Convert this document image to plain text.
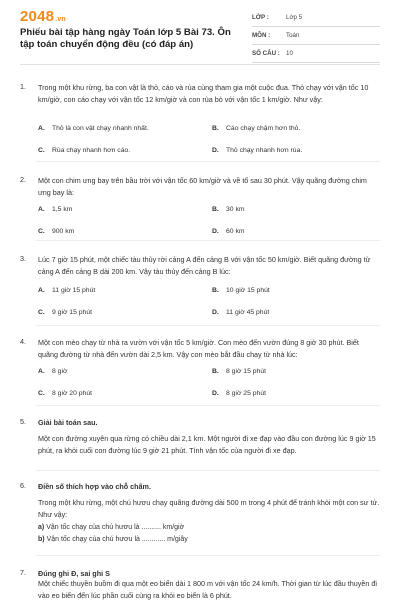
2048.vn
Phiếu bài tập hàng ngày Toán lớp 5 Bài 73. Ôn tập toán chuyển động đều (có đáp án)
LỚP :	Lớp 5
MÔN :	Toán
SỐ CÂU : 10
1. Trong một khu rừng, ba con vật là thỏ, cáo và rùa cùng tham gia một cuộc đua. Thỏ chạy với vận tốc 10 km/giờ, con cáo chạy với vận tốc 12 km/giờ và con rùa bò với vận tốc 1 km/giờ. Như vậy:
A. Thỏ là con vật chạy nhanh nhất.	B. Cáo chạy chậm hơn thỏ.
C. Rùa chạy nhanh hơn cáo.	D. Thỏ chạy nhanh hơn rùa.
2. Một con chim ưng bay trên bầu trời với vận tốc 60 km/giờ và về tổ sau 30 phút. Vậy quãng đường chim ưng bay là:
A. 1,5 km	B. 30 km
C. 900 km	D. 60 km
3. Lúc 7 giờ 15 phút, một chiếc tàu thủy rời cảng A đến cảng B với vận tốc 50 km/giờ. Biết quãng đường từ cảng A đến cảng B dài 200 km. Vậy tàu thủy đến cảng B lúc:
A. 11 giờ 15 phút	B. 10 giờ 15 phút
C. 9 giờ 15 phút	D. 11 giờ 45 phút
4. Một con mèo chạy từ nhà ra vườn với vận tốc 5 km/giờ. Con mèo đến vườn đúng 8 giờ 30 phút. Biết quãng đường từ nhà đến vườn dài 2,5 km. Vậy con mèo bắt đầu chạy từ nhà lúc:
A. 8 giờ	B. 8 giờ 15 phút
C. 8 giờ 20 phút	D. 8 giờ 25 phút
5. Giải bài toán sau.
Một con đường xuyên qua rừng có chiều dài 2,1 km. Một người đi xe đạp vào đầu con đường lúc 9 giờ 15 phút, ra khỏi cuối con đường lúc 9 giờ 21 phút. Tính vận tốc của người đi xe đạp.
6. Điền số thích hợp vào chỗ chấm.
Trong một khu rừng, một chú hươu chạy quãng đường dài 500 m trong 4 phút để tránh khỏi một con sư tử. Như vậy:
a) Vận tốc chạy của chú hươu là .......... km/giờ
b) Vận tốc chạy của chú hươu là ............ m/giây
7. Đúng ghi Đ, sai ghi S
Một chiếc thuyền buồm đi qua một eo biển dài 1 800 m với vận tốc 24 km/h. Thời gian từ lúc đầu thuyền đi vào eo biển đến lúc phần cuối cùng ra khỏi eo biển là 6 phút.
